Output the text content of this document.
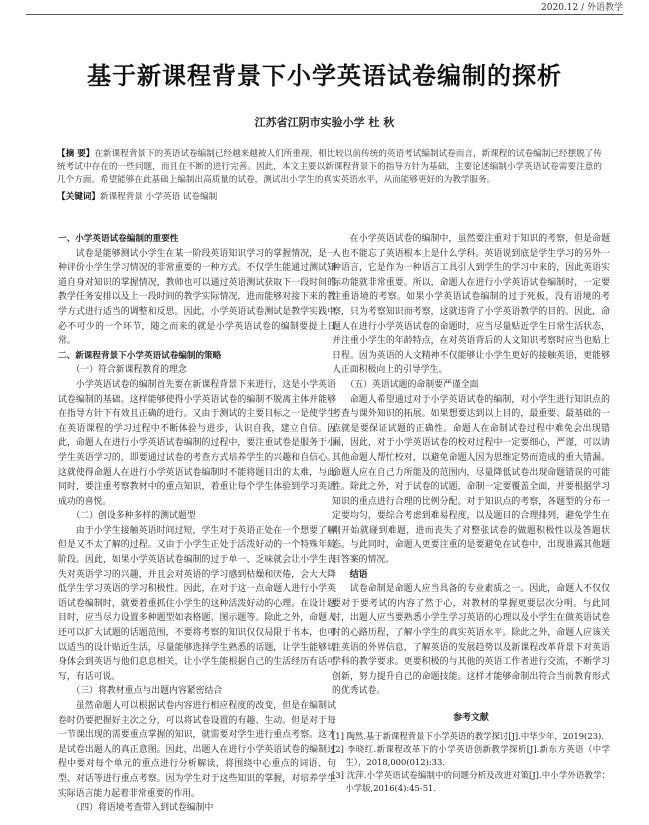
2020.12 / 外语教学
基于新课程背景下小学英语试卷编制的探析
江苏省江阴市实验小学 杜 秋
【摘 要】在新课程背景下的英语试卷编制已经越来越被人们所重视，相比较以前传统的英语考试编制试卷而言，新课程的试卷编制已经摆脱了传统考试中存在的一些问题，而且在不断的进行完善。因此，本文主要以新课程背景下的指导方针为基础，主要论述编制小学英语试卷需要注意的几个方面。希望能够在此基础上编制出高质量的试卷，测试出小学生的真实英语水平，从而能够更好的为教学服务。
【关键词】新课程背景 小学英语 试卷编制

一、小学英语试卷编制的重要性

试卷是能够测试小学生在某一阶段英语知识学习的掌握情况，是一种评价小学生学习情况的非常重要的一种方式。不仅学生能通过测试知道自身对知识的掌握情况，教师也可以通过英语测试获取下一段时间的教学任务安排以及上一段时间的教学实际情况，进而能够对接下来的教学方式进行适当的调整和反思。因此，小学英语试卷测试是教学实践中必不可少的一个环节，随之而来的就是小学英语试卷的编制要提上日常。

二、新课程背景下小学英语试卷编制的策略

（一）符合新课程教育的理念

小学英语试卷的编制首先要在新课程背景下来进行，这是小学英语试卷编制的基础。这样能够使得小学英语试卷的编制不脱离主体并能够在指导方针下有效且正确的进行。又由于测试的主要目标之一是使学生在英语课程的学习过程中不断体验与进步，认识自我，建立自信。因此，命题人在进行小学英语试卷编制的过程中，要注重试卷是服务于小学生英语学习的，即要通过试卷的考查方式培养学生的兴趣和自信心。这就使得命题人在进行小学英语试卷编制时不能将题目出的太难，与此同时，要注重考察教材中的重点知识，着重让每个学生体验到学习英语成功的喜悦。

（二）创设多种多样的测试题型

由于小学生接触英语时间过短，学生对于英语正处在一个想要了解但是又不太了解的过程。又由于小学生正处于活泼好动的一个特殊年龄阶段。因此，如果小学英语试卷编制的过于单一、乏味就会让小学生丧失对英语学习的兴趣，并且会对英语的学习感到枯燥和厌倦，会大大降低学生学习英语的学习积极性。因此，在对于这一点命题人进行小学英语试卷编制时，就要着重抓住小学生的这种活泼好动的心理。在设计题目时，应当尽力设置多种题型如表格题、图示题等。除此之外，命题人还可以扩大试题的话题范围，不要将考察的知识仅仅局限于书本，也可以适当的设计贴近生活，尽量能够选择学生熟悉的话题，让学生能够切身体会到英语与他们息息相关，让小学生能根据自己的生活经历有话可写，有话可说。

（三）将教材重点与出题内容紧密结合

虽然命题人可以根据试卷内容进行相应程度的改变，但是在编制试卷时仍要把握好主次之分，可以将试卷设置的有趣、生动。但是对于每一节课出现的需要重点掌握的知识，就需要对学生进行重点考察。这才是试卷出题人的真正意图。因此，出题人在进行小学英语试卷的编制过程中要对每个单元的重点进行分析解读，将围绕中心重点的词语、句型、对话等进行重点考察。因为学生对于这些知识的掌握，对培养学生实际语言能力起着非常重要的作用。

（四）将语境考查带入到试卷编制中

在小学英语试卷的编制中，虽然要注重对于知识的考察，但是命题人也不能忘了英语根本上是什么学科。英语说到底是学生学习的另外一种语言，它是作为一种语言工具引人到学生的学习中来的，因此英语实际功能就非常重要。所以，命题人在进行小学英语试卷编制时，一定要注重语境的考察。如果小学英语试卷编制的过于死板，没有语境的考察，只为考察知识而考察，这就违背了小学英语教学的目的。因此，命题人在进行小学英语试卷的命题时，应当尽量贴近学生日常生活状态，并注重小学生的年龄特点，在对英语背后的人文知识考察时应当也贴上日程。因为英语的人文精神不仅能够让小学生更好的接触英语，更能够人正面积极向上的引导学生。

（五）英语试题的命制要严谨全面

命题人希望通过对于小学英语试卷的编制，对小学生进行知识点的考查与课外知识的拓展。如果想要达到以上目的，最重要、最基础的一点就是要保证试题的正确性。命题人在命制试卷过程中难免会出现错漏，因此，对于小学英语试卷的校对过程中一定要细心，严谨，可以请其他命题人帮忙校对，以避免命题人因为思维定势而造成的重大错漏。命题人应在自己力所能及的范围内，尽量降低试卷出现命题错误的可能性。除此之外，对于试卷的试题，命制一定要覆盖全面，并要根据学习知识的重点进行合理的比例分配。对于知识点的考察，各题型的分布一定要均匀，要综合考虑到难易程度，以及题目的合理排列，避免学生在刚开始就碰到难题，进而丧失了对整张试卷的做题积极性以及答题状态。与此同时，命题人更要注重的是要避免在试卷中，出现谁露其他题目答案的情况。

结语

试卷命制是命题人应当具备的专业素质之一。因此，命题人不仅仅要对于要考试的内容了然于心，对教材的掌握更要层次分明。与此同时，出题人应当要熟悉小学生学习英语的心理以及小学生在做英语试卷时的心路历程，了解小学生的真实英语水平。除此之外，命题人应该关注英语的外界信息，了解英语的发展趋势以及新课程改革背景下对英语学科的教学要求。更要积极的与其他的英语工作者进行交流，不断学习创新，努力提升自己的命题技能。这样才能够命制出符合当前教育形式的优秀试卷。

参考文献

[1] 陶然.基于新课程背景下小学英语的教学探讨[J].中华少年，2019(23).

[2] 李晓红.新课程改革下的小学英语创新教学探析[J].新东方英语（中学生），2018,000(012):33.

[3] 沈萍.小学英语试卷编制中的问题分析及改进对策[J].中小学外语教学：小学版,2016(4):45-51.
